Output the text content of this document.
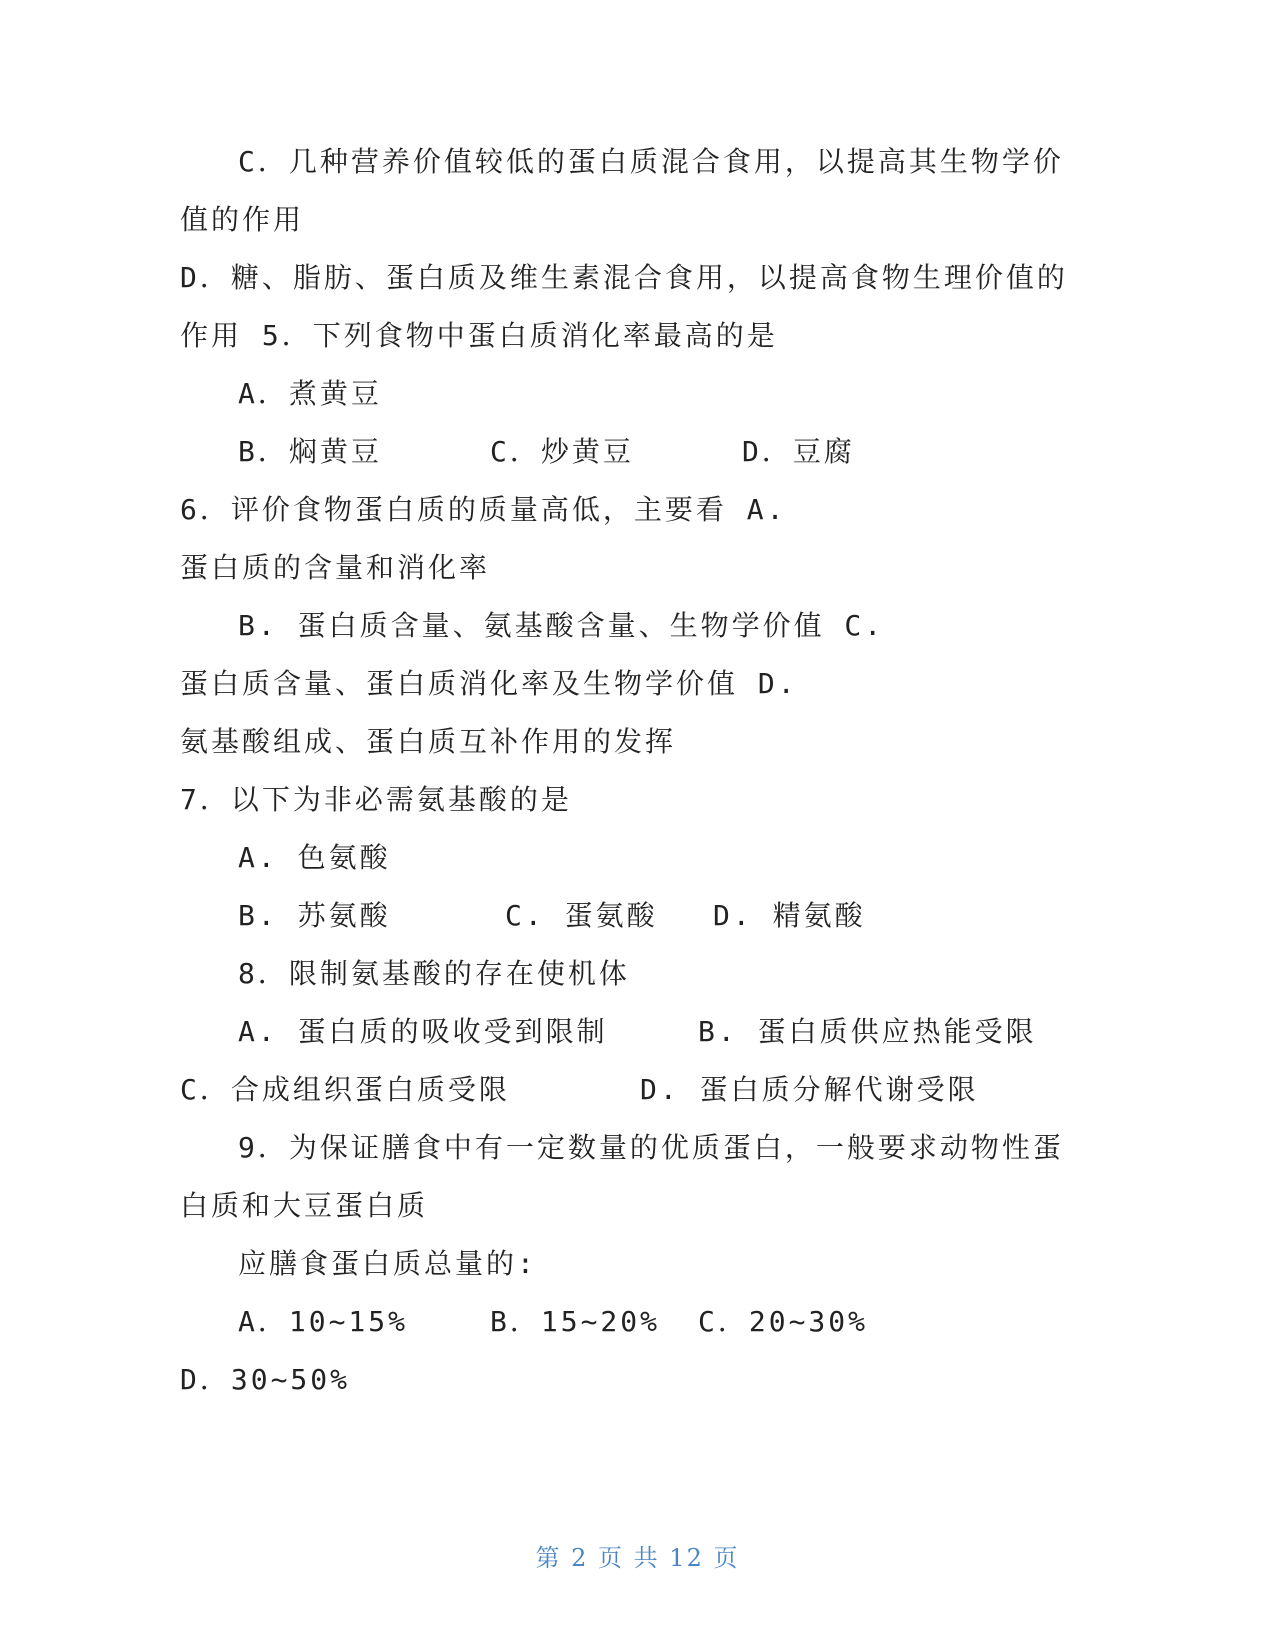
C．几种营养价值较低的蛋白质混合食用，以提高其生物学价
值的作用
D．糖、脂肪、蛋白质及维生素混合食用，以提高食物生理价值的
作用 5．下列食物中蛋白质消化率最高的是
A．煮黄豆
B．焖黄豆	C．炒黄豆	D．豆腐
6．评价食物蛋白质的质量高低，主要看 A.
蛋白质的含量和消化率
B. 蛋白质含量、氨基酸含量、生物学价值 C.
蛋白质含量、蛋白质消化率及生物学价值 D.
氨基酸组成、蛋白质互补作用的发挥
7．以下为非必需氨基酸的是
A. 色氨酸
B. 苏氨酸	C. 蛋氨酸 D. 精氨酸
8．限制氨基酸的存在使机体
A. 蛋白质的吸收受到限制	B. 蛋白质供应热能受限
C．合成组织蛋白质受限	D. 蛋白质分解代谢受限
9．为保证膳食中有一定数量的优质蛋白，一般要求动物性蛋
白质和大豆蛋白质
应膳食蛋白质总量的:
A．10~15%	B．15~20% C．20~30%
D．30~50%
第 2 页 共 12 页
